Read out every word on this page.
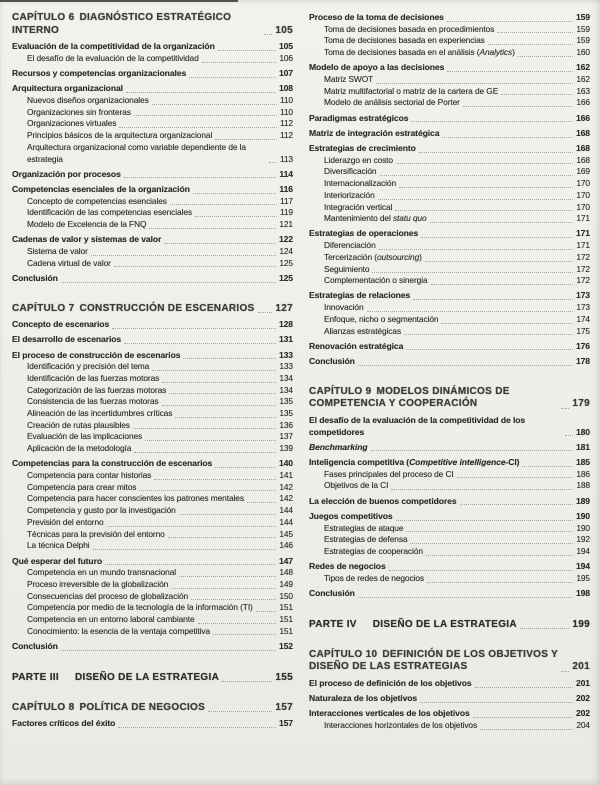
CAPÍTULO 6 DIAGNÓSTICO ESTRATÉGICO INTERNO	105
Evaluación de la competitividad de la organización	105
El desafío de la evaluación de la competitividad	106
Recursos y competencias organizacionales	107
Arquitectura organizacional	108
Nuevos diseños organizacionales	110
Organizaciones sin fronteras	110
Organizaciones virtuales	112
Principios básicos de la arquitectura organizacional	112
Arquitectura organizacional como variable dependiente de la estrategia	113
Organización por procesos	114
Competencias esenciales de la organización	116
Concepto de competencias esenciales	117
Identificación de las competencias esenciales	119
Modelo de Excelencia de la FNQ	121
Cadenas de valor y sistemas de valor	122
Sistema de valor	124
Cadena virtual de valor	125
Conclusión	125
CAPÍTULO 7 CONSTRUCCIÓN DE ESCENARIOS 127
Concepto de escenarios	128
El desarrollo de escenarios	131
El proceso de construcción de escenarios	133
Identificación y precisión del tema	133
Identificación de las fuerzas motoras	134
Categorización de las fuerzas motoras	134
Consistencia de las fuerzas motoras	135
Alineación de las incertidumbres críticas	135
Creación de rutas plausibles	136
Evaluación de las implicaciones	137
Aplicación de la metodología	139
Competencias para la construcción de escenarios	140
Competencia para contar historias	141
Competencia para crear mitos	142
Competencia para hacer conscientes los patrones mentales	142
Competencia y gusto por la investigación	144
Previsión del entorno	144
Técnicas para la previsión del entorno	145
La técnica Delphi	146
Qué esperar del futuro	147
Competencia en un mundo transnacional	148
Proceso irreversible de la globalización	149
Consecuencias del proceso de globalización	150
Competencia por medio de la tecnología de la información (TI)	151
Competencia en un entorno laboral cambiante	151
Conocimiento: la esencia de la ventaja competitiva	151
Conclusión	152
PARTE III DISEÑO DE LA ESTRATEGIA	155
CAPÍTULO 8 POLÍTICA DE NEGOCIOS	157
Factores críticos del éxito	157
Proceso de la toma de decisiones	159
Toma de decisiones basada en procedimientos	159
Toma de decisiones basada en experiencias	159
Toma de decisiones basada en el análisis (Analytics)	160
Modelo de apoyo a las decisiones	162
Matriz SWOT	162
Matriz multifactorial o matriz de la cartera de GE	163
Modelo de análisis sectorial de Porter	166
Paradigmas estratégicos	166
Matriz de integración estratégica	168
Estrategias de crecimiento	168
Liderazgo en costo	168
Diversificación	169
Internacionalización	170
Interiorización	170
Integración vertical	170
Mantenimiento del statu quo	171
Estrategias de operaciones	171
Diferenciación	171
Tercerización (outsourcing)	172
Seguimiento	172
Complementación o sinergia	172
Estrategias de relaciones	173
Innovación	173
Enfoque, nicho o segmentación	174
Alianzas estratégicas	175
Renovación estratégica	176
Conclusión	178
CAPÍTULO 9 MODELOS DINÁMICOS DE COMPETENCIA Y COOPERACIÓN	179
El desafío de la evaluación de la competitividad de los competidores	180
Benchmarking	181
Inteligencia competitiva (Competitive intelligence-CI)	185
Fases principales del proceso de CI	186
Objetivos de la CI	188
La elección de buenos competidores	189
Juegos competitivos	190
Estrategias de ataque	190
Estrategias de defensa	192
Estrategias de cooperación	194
Redes de negocios	194
Tipos de redes de negocios	195
Conclusión	198
PARTE IV DISEÑO DE LA ESTRATEGIA	199
CAPÍTULO 10 DEFINICIÓN DE LOS OBJETIVOS Y DISEÑO DE LAS ESTRATEGIAS	201
El proceso de definición de los objetivos	201
Naturaleza de los objetivos	202
Interacciones verticales de los objetivos	202
Interacciones horizontales de los objetivos	204
